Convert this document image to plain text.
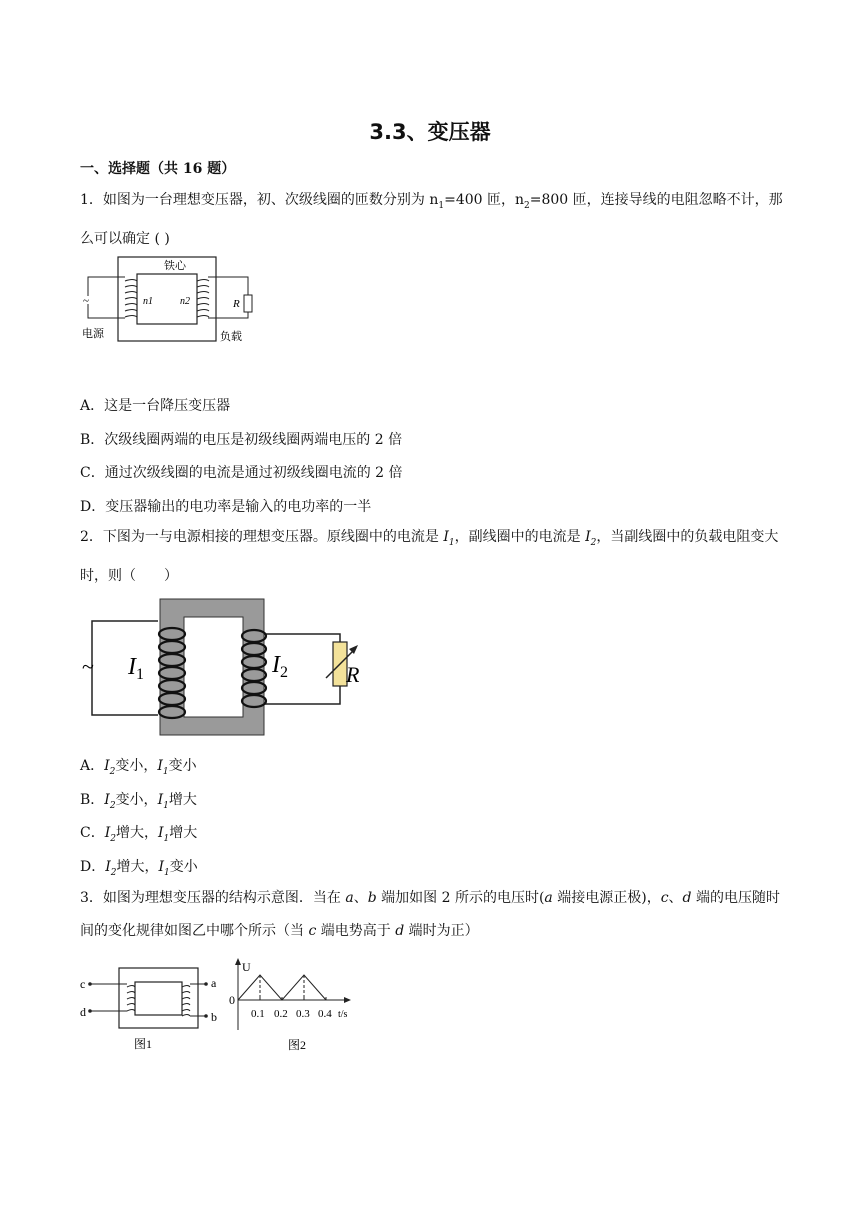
3.3、变压器
一、选择题（共 16 题）
1．如图为一台理想变压器，初、次级线圈的匝数分别为 $n_1=400$ 匝，$n_2=800$ 匝，连接导线的电阻忽略不计，那么可以确定 ( )
铁心
n1	n2	R
~
电源	负载
A．这是一台降压变压器
B．次级线圈两端的电压是初级线圈两端电压的 2 倍
C．通过次级线圈的电流是通过初级线圈电流的 2 倍
D．变压器输出的电功率是输入的电功率的一半
2．下图为一与电源相接的理想变压器。原线圈中的电流是 $I_1$，副线圈中的电流是 $I_2$，当副线圈中的负载电阻变大时，则（　　）
~ $I_1$	$I_2$	R
A．$I_2$变小，$I_1$变小
B．$I_2$变小，$I_1$增大
C．$I_2$增大，$I_1$增大
D．$I_2$增大，$I_1$变小
3．如图为理想变压器的结构示意图．当在 a、b 端加如图 2 所示的电压时(a 端接电源正极)，c、d 端的电压随时间的变化规律如图乙中哪个所示（当 c 端电势高于 d 端时为正）
c
d
a
b
图1
U
0
0.1 0.2 0.3 0.4 t/s
图2
